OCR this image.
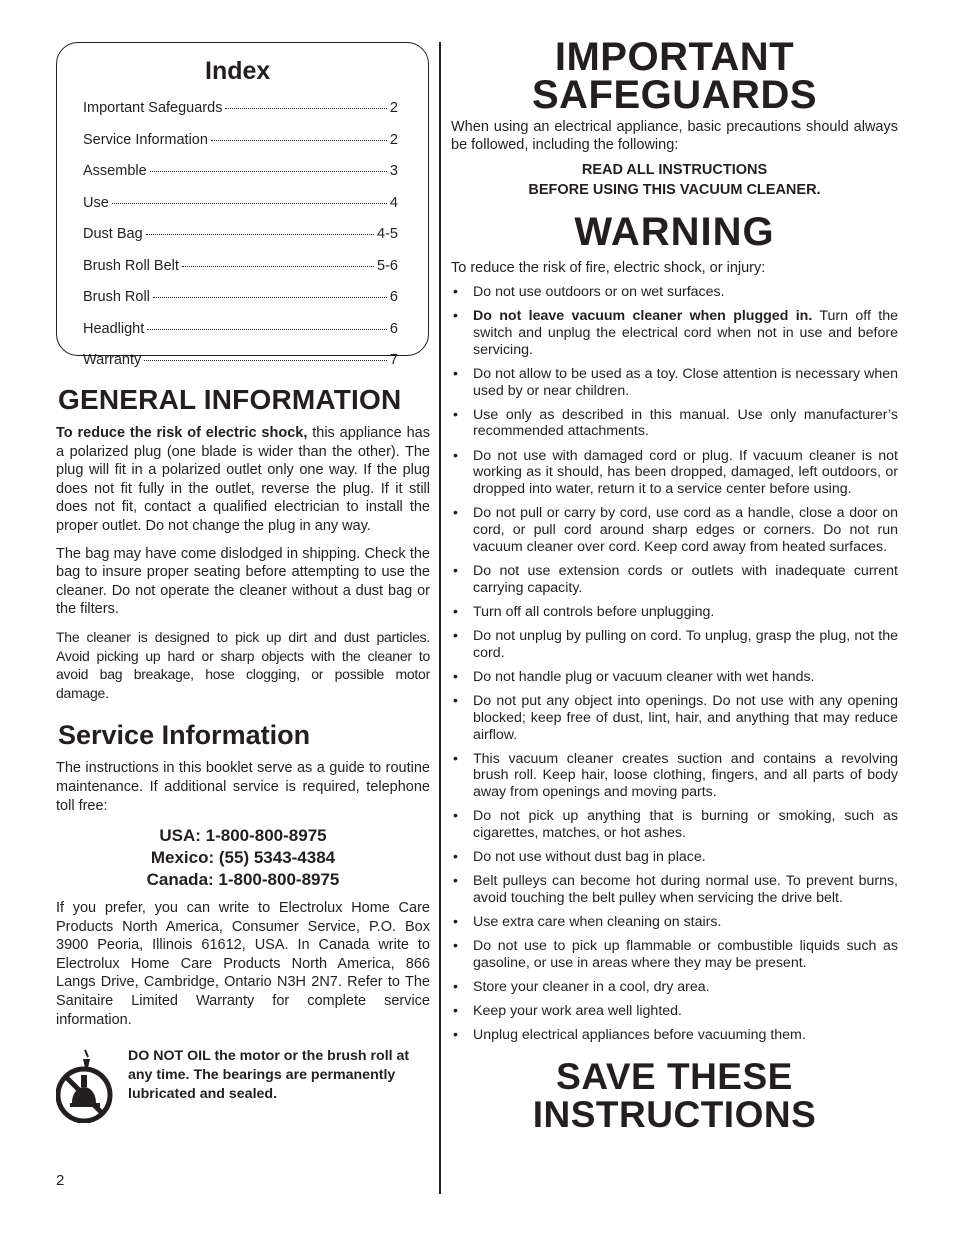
Index
Important Safeguards	2
Service Information	2
Assemble	3
Use	4
Dust Bag	4-5
Brush Roll Belt	5-6
Brush Roll	6
Headlight	6
Warranty	7
GENERAL INFORMATION

To reduce the risk of electric shock, this appliance has a polarized plug (one blade is wider than the other). The plug will fit in a polarized outlet only one way. If the plug does not fit fully in the outlet, reverse the plug. If it still does not fit, contact a qualified electrician to install the proper outlet. Do not change the plug in any way.

The bag may have come dislodged in shipping. Check the bag to insure proper seating before attempting to use the cleaner. Do not operate the cleaner without a dust bag or the filters.

The cleaner is designed to pick up dirt and dust particles. Avoid picking up hard or sharp objects with the cleaner to avoid bag breakage, hose clogging, or possible motor damage.

Service Information

The instructions in this booklet serve as a guide to routine maintenance. If additional service is required, telephone toll free:

USA: 1-800-800-8975
Mexico: (55) 5343-4384
Canada: 1-800-800-8975

If you prefer, you can write to Electrolux Home Care Products North America, Consumer Service, P.O. Box 3900 Peoria, Illinois 61612, USA. In Canada write to Electrolux Home Care Products North America, 866 Langs Drive, Cambridge, Ontario N3H 2N7. Refer to The Sanitaire Limited Warranty for complete service information.

DO NOT OIL the motor or the brush roll at any time. The bearings are permanently lubricated and sealed.
2
IMPORTANT
SAFEGUARDS
When using an electrical appliance, basic precautions should always be followed, including the following:
READ ALL INSTRUCTIONS
BEFORE USING THIS VACUUM CLEANER.
WARNING
To reduce the risk of fire, electric shock, or injury:
• Do not use outdoors or on wet surfaces.
• Do not leave vacuum cleaner when plugged in. Turn off the switch and unplug the electrical cord when not in use and before servicing.
• Do not allow to be used as a toy. Close attention is necessary when used by or near children.
• Use only as described in this manual. Use only manufacturer’s recommended attachments.
• Do not use with damaged cord or plug. If vacuum cleaner is not working as it should, has been dropped, damaged, left outdoors, or dropped into water, return it to a service center before using.
• Do not pull or carry by cord, use cord as a handle, close a door on cord, or pull cord around sharp edges or corners. Do not run vacuum cleaner over cord. Keep cord away from heated surfaces.
• Do not use extension cords or outlets with inadequate current carrying capacity.
• Turn off all controls before unplugging.
• Do not unplug by pulling on cord. To unplug, grasp the plug, not the cord.
• Do not handle plug or vacuum cleaner with wet hands.
• Do not put any object into openings. Do not use with any opening blocked; keep free of dust, lint, hair, and anything that may reduce airflow.
• This vacuum cleaner creates suction and contains a revolving brush roll. Keep hair, loose clothing, fingers, and all parts of body away from openings and moving parts.
• Do not pick up anything that is burning or smoking, such as cigarettes, matches, or hot ashes.
• Do not use without dust bag in place.
• Belt pulleys can become hot during normal use. To prevent burns, avoid touching the belt pulley when servicing the drive belt.
• Use extra care when cleaning on stairs.
• Do not use to pick up flammable or combustible liquids such as gasoline, or use in areas where they may be present.
• Store your cleaner in a cool, dry area.
• Keep your work area well lighted.
• Unplug electrical appliances before vacuuming them.
SAVE THESE
INSTRUCTIONS
